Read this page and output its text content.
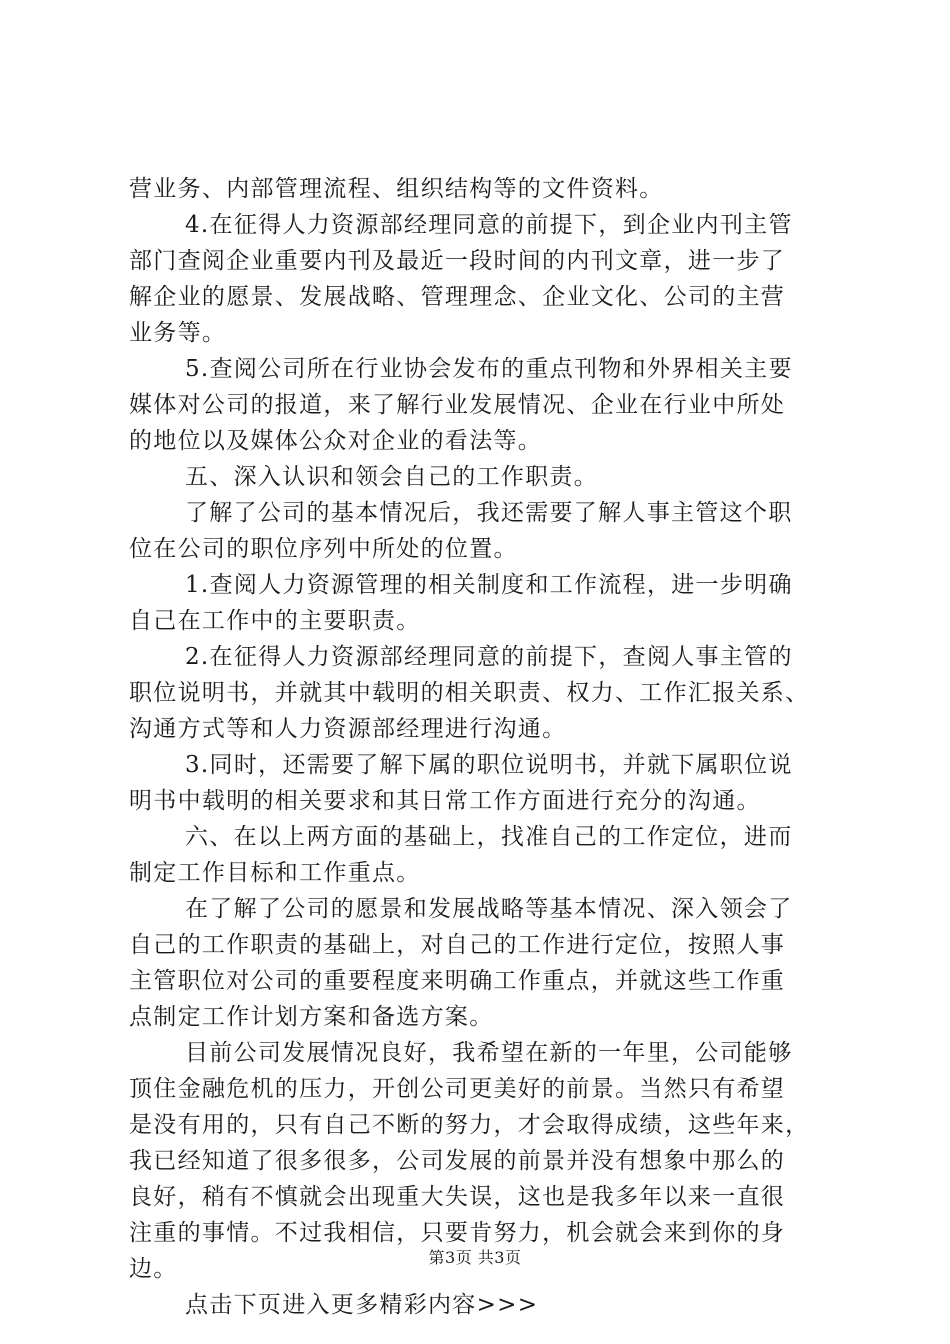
营业务、内部管理流程、组织结构等的文件资料。
4.在征得人力资源部经理同意的前提下，到企业内刊主管
部门查阅企业重要内刊及最近一段时间的内刊文章，进一步了
解企业的愿景、发展战略、管理理念、企业文化、公司的主营
业务等。
5.查阅公司所在行业协会发布的重点刊物和外界相关主要
媒体对公司的报道，来了解行业发展情况、企业在行业中所处
的地位以及媒体公众对企业的看法等。
五、深入认识和领会自己的工作职责。
了解了公司的基本情况后，我还需要了解人事主管这个职
位在公司的职位序列中所处的位置。
1.查阅人力资源管理的相关制度和工作流程，进一步明确
自己在工作中的主要职责。
2.在征得人力资源部经理同意的前提下，查阅人事主管的
职位说明书，并就其中载明的相关职责、权力、工作汇报关系、
沟通方式等和人力资源部经理进行沟通。
3.同时，还需要了解下属的职位说明书，并就下属职位说
明书中载明的相关要求和其日常工作方面进行充分的沟通。
六、在以上两方面的基础上，找准自己的工作定位，进而
制定工作目标和工作重点。
在了解了公司的愿景和发展战略等基本情况、深入领会了
自己的工作职责的基础上，对自己的工作进行定位，按照人事
主管职位对公司的重要程度来明确工作重点，并就这些工作重
点制定工作计划方案和备选方案。
目前公司发展情况良好，我希望在新的一年里，公司能够
顶住金融危机的压力，开创公司更美好的前景。当然只有希望
是没有用的，只有自己不断的努力，才会取得成绩，这些年来，
我已经知道了很多很多，公司发展的前景并没有想象中那么的
良好，稍有不慎就会出现重大失误，这也是我多年以来一直很
注重的事情。不过我相信，只要肯努力，机会就会来到你的身
边。
点击下页进入更多精彩内容>>>
第3页 共3页
